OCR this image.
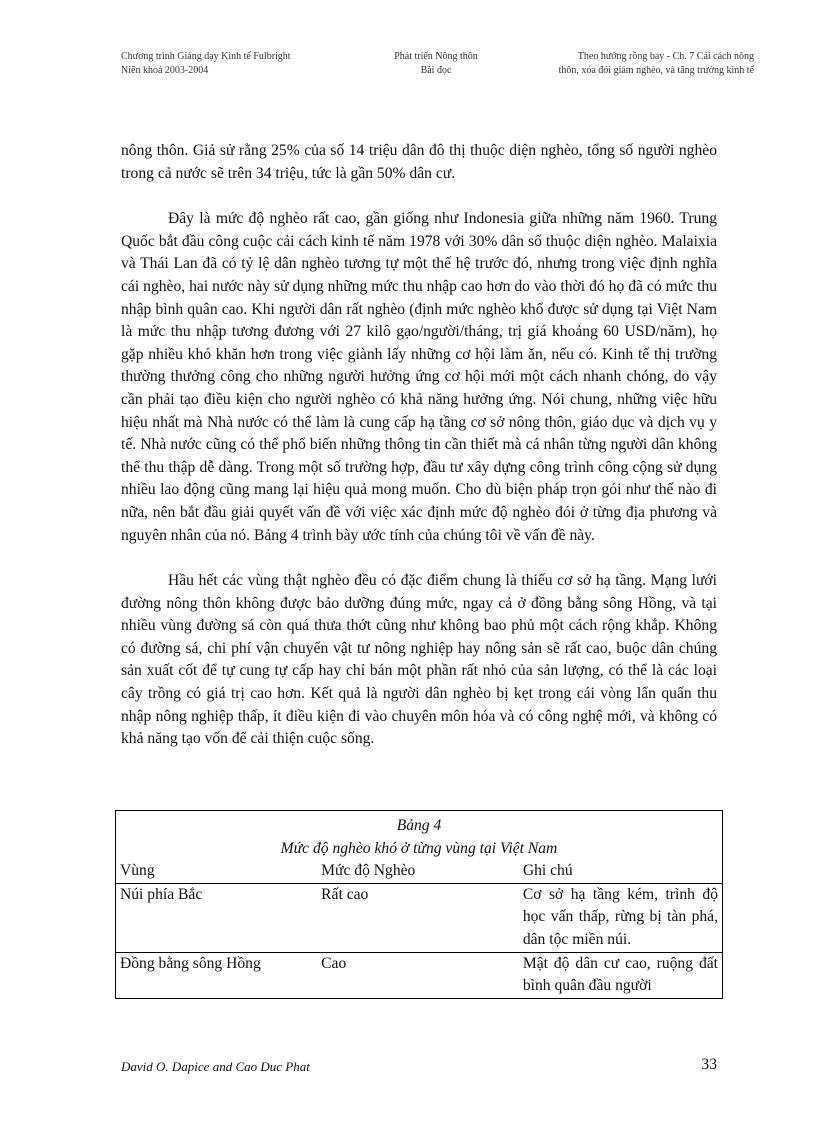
Chương trình Giảng dạy Kinh tế Fulbright
Niên khoá 2003-2004
Phát triển Nông thôn
Bài đọc
Theo hướng rồng bay - Ch. 7 Cải cách nông
thôn, xóa đói giảm nghèo, và tăng trưởng kinh tế

nông thôn. Giả sử rằng 25% của số 14 triệu dân đô thị thuộc diện nghèo, tổng số người nghèo trong cả nước sẽ trên 34 triệu, tức là gần 50% dân cư.

Đây là mức độ nghèo rất cao, gần giống như Indonesia giữa những năm 1960. Trung Quốc bắt đầu công cuộc cải cách kinh tế năm 1978 với 30% dân số thuộc diện nghèo. Malaixia và Thái Lan đã có tỷ lệ dân nghèo tương tự một thế hệ trước đó, nhưng trong việc định nghĩa cái nghèo, hai nước này sử dụng những mức thu nhập cao hơn do vào thời đó họ đã có mức thu nhập bình quân cao. Khi người dân rất nghèo (định mức nghèo khổ được sử dụng tại Việt Nam là mức thu nhập tương đương với 27 kilô gạo/người/tháng, trị giá khoảng 60 USD/năm), họ gặp nhiều khó khăn hơn trong việc giành lấy những cơ hội làm ăn, nếu có. Kinh tế thị trường thường thưởng công cho những người hưởng ứng cơ hội mới một cách nhanh chóng, do vậy cần phải tạo điều kiện cho người nghèo có khả năng hưởng ứng. Nói chung, những việc hữu hiệu nhất mà Nhà nước có thể làm là cung cấp hạ tầng cơ sở nông thôn, giáo dục và dịch vụ y tế. Nhà nước cũng có thể phổ biến những thông tin cần thiết mà cá nhân từng người dân không thể thu thập dễ dàng. Trong một số trường hợp, đầu tư xây dựng công trình công cộng sử dụng nhiều lao động cũng mang lại hiệu quả mong muốn. Cho dù biện pháp trọn gói như thế nào đi nữa, nên bắt đầu giải quyết vấn đề với việc xác định mức độ nghèo đói ở từng địa phương và nguyên nhân của nó. Bảng 4 trình bày ước tính của chúng tôi về vấn đề này.

Hầu hết các vùng thật nghèo đều có đặc điểm chung là thiếu cơ sở hạ tầng. Mạng lưới đường nông thôn không được bảo dưỡng đúng mức, ngay cả ở đồng bằng sông Hồng, và tại nhiều vùng đường sá còn quá thưa thớt cũng như không bao phủ một cách rộng khắp. Không có đường sá, chi phí vận chuyển vật tư nông nghiệp hay nông sản sẽ rất cao, buộc dân chúng sản xuất cốt để tự cung tự cấp hay chỉ bán một phần rất nhỏ của sản lượng, có thể là các loại cây trồng có giá trị cao hơn. Kết quả là người dân nghèo bị kẹt trong cái vòng lẩn quẩn thu nhập nông nghiệp thấp, ít điều kiện đi vào chuyên môn hóa và có công nghệ mới, và không có khả năng tạo vốn để cải thiện cuộc sống.

Bảng 4
Mức độ nghèo khó ở từng vùng tại Việt Nam		

Vùng	Mức độ Nghèo	Ghi chú
Núi phía Bắc	Rất cao	Cơ sở hạ tầng kém, trình độ học vấn thấp, rừng bị tàn phá, dân tộc miền núi.
Đồng bằng sông Hồng	Cao	Mật độ dân cư cao, ruộng đất bình quân đầu người
David O. Dapice and Cao Duc Phat	33
